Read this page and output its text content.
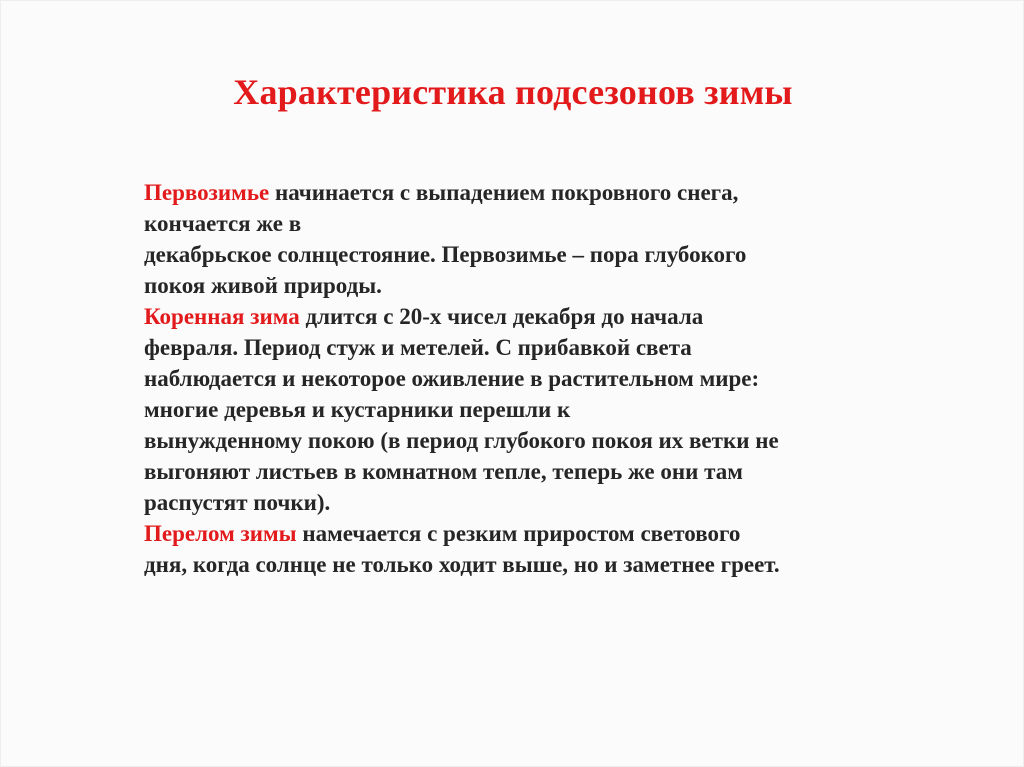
Характеристика подсезонов зимы
Первозимье начинается с выпадением покровного снега,
кончается же в
декабрьское солнцестояние. Первозимье – пора глубокого
покоя живой природы.
Коренная зима длится с 20-х чисел декабря до начала
февраля. Период стуж и метелей. С прибавкой света
наблюдается и некоторое оживление в растительном мире:
многие деревья и кустарники перешли к
вынужденному покою (в период глубокого покоя их ветки не
выгоняют листьев в комнатном тепле, теперь же они там
распустят почки).
Перелом зимы намечается с резким приростом светового
дня, когда солнце не только ходит выше, но и заметнее греет.
